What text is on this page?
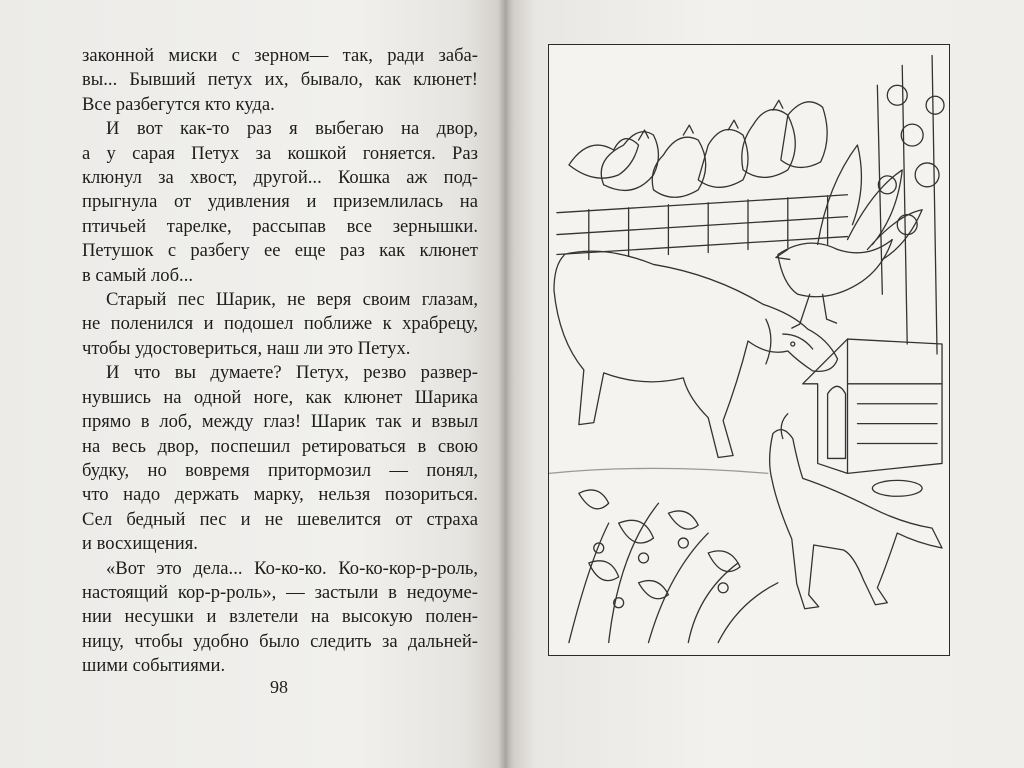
законной миски с зерном— так, ради заба-
вы... Бывший петух их, бывало, как клюнет!
Все разбегутся кто куда.
И вот как-то раз я выбегаю на двор,
а у сарая Петух за кошкой гоняется. Раз
клюнул за хвост, другой... Кошка аж под-
прыгнула от удивления и приземлилась на
птичьей тарелке, рассыпав все зернышки.
Петушок с разбегу ее еще раз как клюнет
в самый лоб...
Старый пес Шарик, не веря своим глазам,
не поленился и подошел поближе к храбрецу,
чтобы удостовериться, наш ли это Петух.
И что вы думаете? Петух, резво развер-
нувшись на одной ноге, как клюнет Шарика
прямо в лоб, между глаз! Шарик так и взвыл
на весь двор, поспешил ретироваться в свою
будку, но вовремя притормозил — понял,
что надо держать марку, нельзя позориться.
Сел бедный пес и не шевелится от страха
и восхищения.
«Вот это дела... Ко-ко-ко. Ко-ко-кор-р-роль,
настоящий кор-р-роль», — застыли в недоуме-
нии несушки и взлетели на высокую полен-
ницу, чтобы удобно было следить за дальней-
шими событиями.
98
